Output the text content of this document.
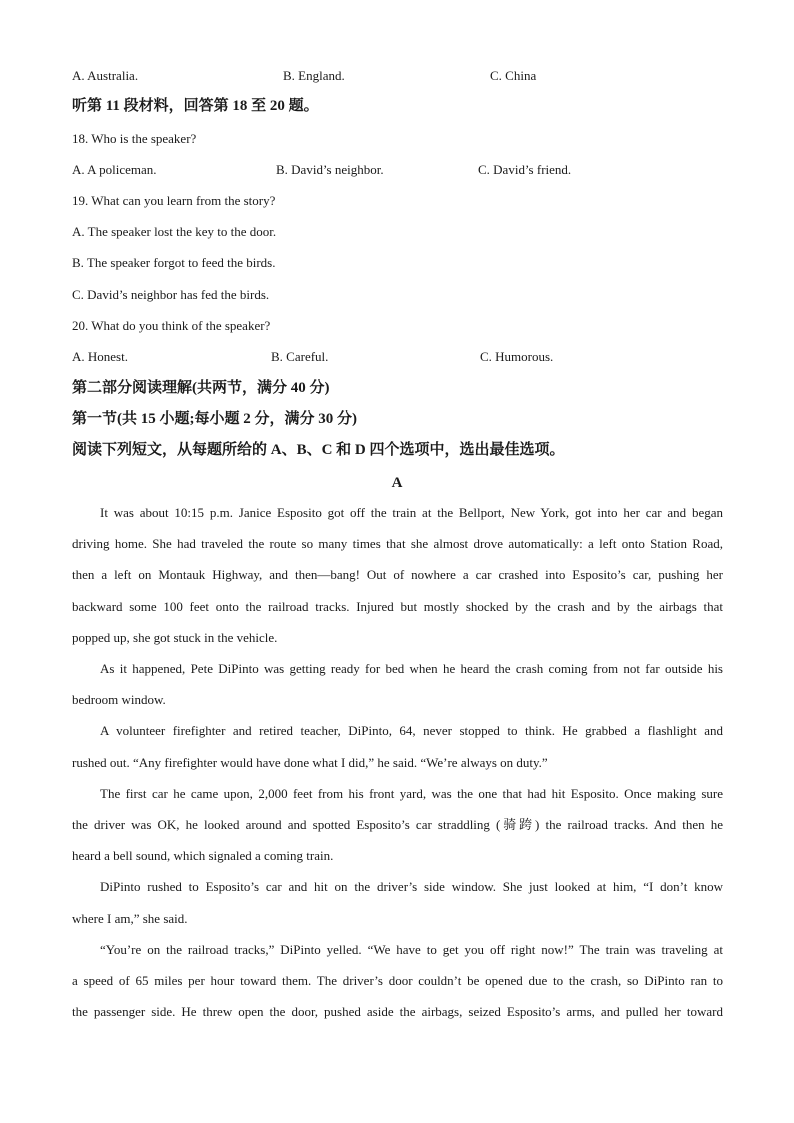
A. Australia.	B. England.	C. China
听第 11 段材料，回答第 18 至 20 题。
18. Who is the speaker?
A. A policeman.	B. David’s neighbor.	C. David’s friend.
19. What can you learn from the story?
A. The speaker lost the key to the door.
B. The speaker forgot to feed the birds.
C. David’s neighbor has fed the birds.
20. What do you think of the speaker?
A. Honest.	B. Careful.	C. Humorous.
第二部分阅读理解(共两节，满分 40 分)
第一节(共 15 小题;每小题 2 分，满分 30 分)
阅读下列短文，从每题所给的 A、B、C 和 D 四个选项中，选出最佳选项。
A
It was about 10:15 p.m. Janice Esposito got off the train at the Bellport, New York, got into her car and began
driving home. She had traveled the route so many times that she almost drove automatically: a left onto Station Road,
then a left on Montauk Highway, and then—bang! Out of nowhere a car crashed into Esposito’s car, pushing her
backward some 100 feet onto the railroad tracks. Injured but mostly shocked by the crash and by the airbags that
popped up, she got stuck in the vehicle.
As it happened, Pete DiPinto was getting ready for bed when he heard the crash coming from not far outside his
bedroom window.
A volunteer firefighter and retired teacher, DiPinto, 64, never stopped to think. He grabbed a flashlight and
rushed out. “Any firefighter would have done what I did,” he said. “We’re always on duty.”
The first car he came upon, 2,000 feet from his front yard, was the one that had hit Esposito. Once making sure
the driver was OK, he looked around and spotted Esposito’s car straddling (骑跨) the railroad tracks. And then he
heard a bell sound, which signaled a coming train.
DiPinto rushed to Esposito’s car and hit on the driver’s side window. She just looked at him, “I don’t know
where I am,” she said.
“You’re on the railroad tracks,” DiPinto yelled. “We have to get you off right now!” The train was traveling at
a speed of 65 miles per hour toward them. The driver’s door couldn’t be opened due to the crash, so DiPinto ran to
the passenger side. He threw open the door, pushed aside the airbags, seized Esposito’s arms, and pulled her toward
